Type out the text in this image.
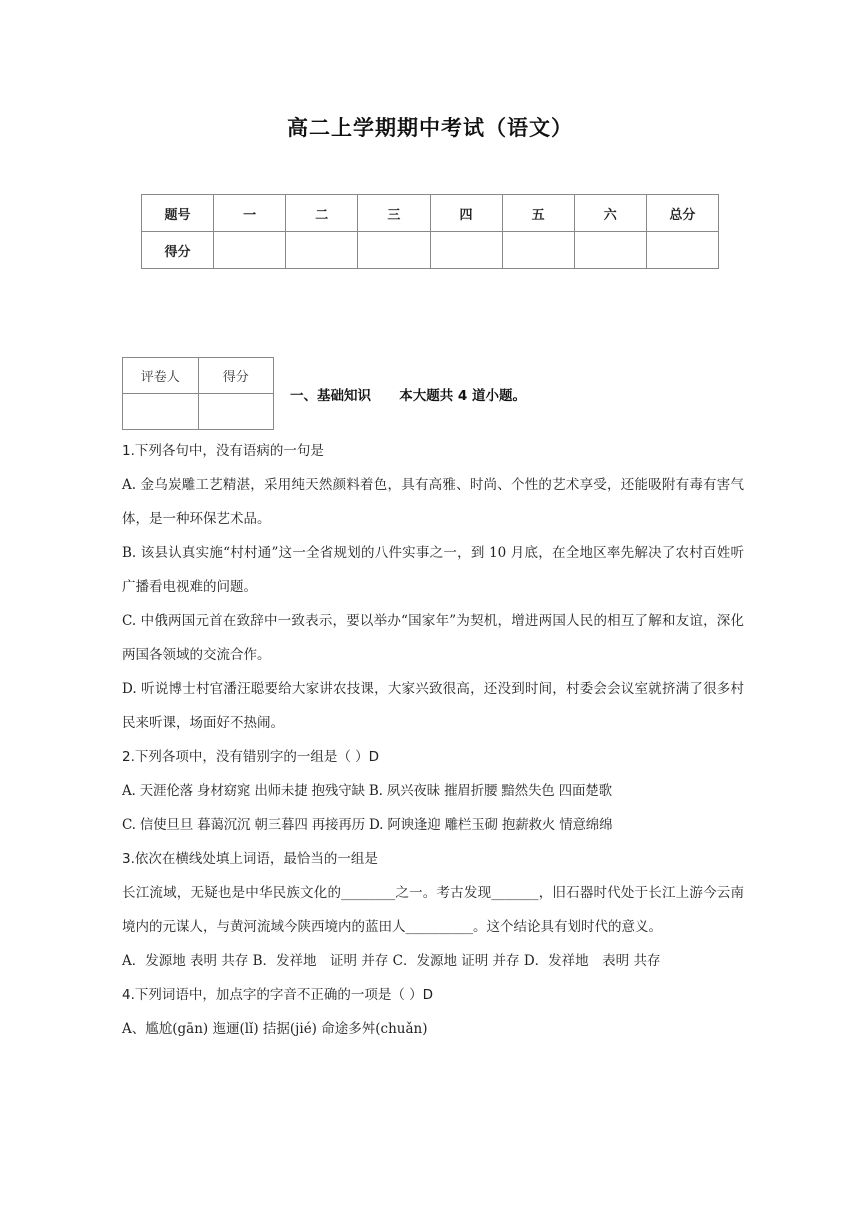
高二上学期期中考试（语文）
题号	一	二	三	四	五	六	总分
得分							
评卷人	得分

一、基础知识 本大题共 4 道小题。

1.下列各句中，没有语病的一句是

A. 金乌炭雕工艺精湛，采用纯天然颜料着色，具有高雅、时尚、个性的艺术享受，还能吸附有毒有害气体，是一种环保艺术品。

B. 该县认真实施“村村通”这一全省规划的八件实事之一，到 10 月底，在全地区率先解决了农村百姓听广播看电视难的问题。

C. 中俄两国元首在致辞中一致表示，要以举办“国家年”为契机，增进两国人民的相互了解和友谊，深化两国各领域的交流合作。

D. 听说博士村官潘汪聪要给大家讲农技课，大家兴致很高，还没到时间，村委会会议室就挤满了很多村民来听课，场面好不热闹。

2.下列各项中，没有错别字的一组是（ ）D

A. 天涯伦落 身材窈窕 出师未捷 抱残守缺 B. 夙兴夜昧 摧眉折腰 黯然失色 四面楚歌

C. 信使旦旦 暮蔼沉沉 朝三暮四 再接再历 D. 阿谀逢迎 雕栏玉砌 抱薪救火 情意绵绵

3.依次在横线处填上词语，最恰当的一组是

长江流域，无疑也是中华民族文化的________之一。考古发现_______，旧石器时代处于长江上游今云南境内的元谋人，与黄河流域今陕西境内的蓝田人__________。这个结论具有划时代的意义。

A．发源地 表明 共存 B．发祥地　证明 并存 C．发源地 证明 并存 D．发祥地　表明 共存

4.下列词语中，加点字的字音不正确的一项是（ ）D

A、尴尬(gān) 迤逦(lǐ) 拮据(jié) 命途多舛(chuǎn)
